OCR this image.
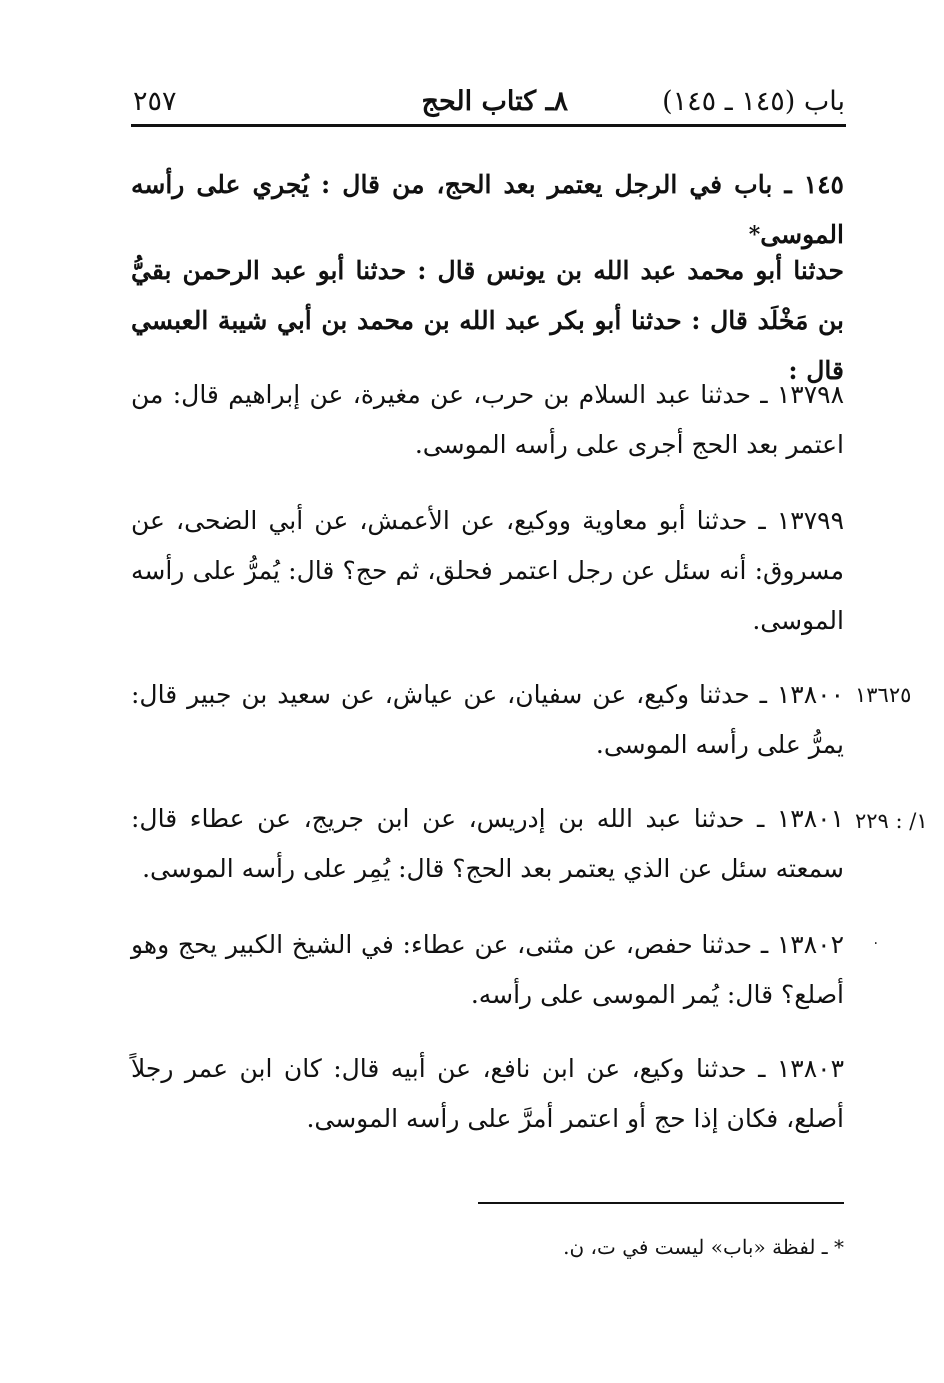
باب (١٤٥ ـ ١٤٥)
٨ـ كتاب الحج
٢٥٧

١٤٥ ـ باب في الرجل يعتمر بعد الحج، من قال : يُجري على رأسه الموسى*

حدثنا أبو محمد عبد الله بن يونس قال : حدثنا أبو عبد الرحمن بقيُّ بن مَخْلَد قال : حدثنا أبو بكر عبد الله بن محمد بن أبي شيبة العبسي قال :

١٣٧٩٨ ـ حدثنا عبد السلام بن حرب، عن مغيرة، عن إبراهيم قال: من اعتمر بعد الحج أجرى على رأسه الموسى.

١٣٧٩٩ ـ حدثنا أبو معاوية ووكيع، عن الأعمش، عن أبي الضحى، عن مسروق: أنه سئل عن رجل اعتمر فحلق، ثم حج؟ قال: يُمرُّ على رأسه الموسى.

١٣٨٠٠ ـ حدثنا وكيع، عن سفيان، عن عياش، عن سعيد بن جبير قال: يمرُّ على رأسه الموسى.

١٣٨٠١ ـ حدثنا عبد الله بن إدريس، عن ابن جريج، عن عطاء قال: سمعته سئل عن الذي يعتمر بعد الحج؟ قال: يُمِر على رأسه الموسى.

١٣٨٠٢ ـ حدثنا حفص، عن مثنى، عن عطاء: في الشيخ الكبير يحج وهو أصلع؟ قال: يُمر الموسى على رأسه.

١٣٨٠٣ ـ حدثنا وكيع، عن ابن نافع، عن أبيه قال: كان ابن عمر رجلاً أصلع، فكان إذا حج أو اعتمر أمرَّ على رأسه الموسى.

١٣٦٢٥
١/ : ٢٢٩
٠

* ـ لفظة «باب» ليست في ت، ن.
